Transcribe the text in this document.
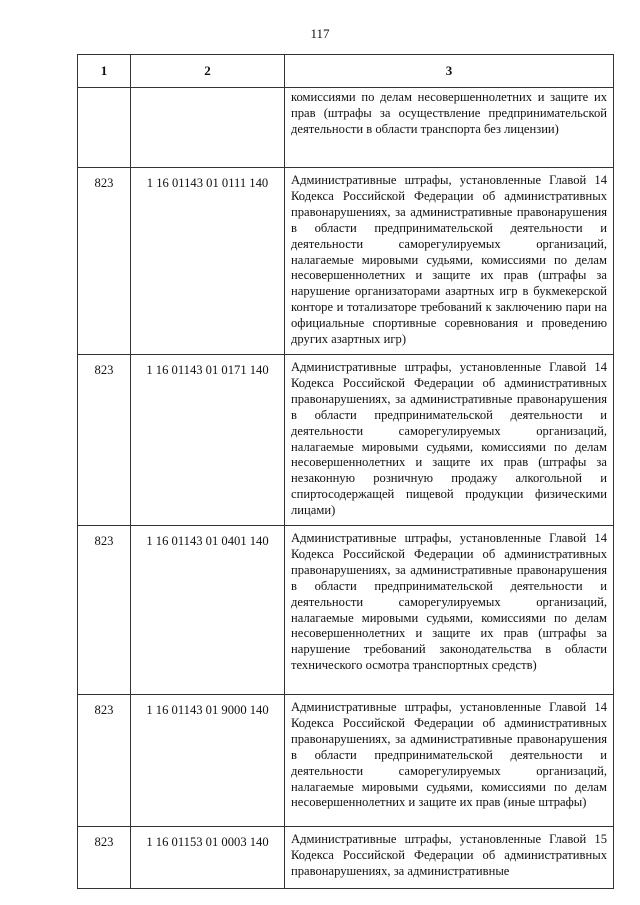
117
1	2	3
		комиссиями по делам несовершеннолетних и защите их прав (штрафы за осуществление предпринимательской деятельности в области транспорта без лицензии)
823	1 16 01143 01 0111 140	Административные штрафы, установленные Главой 14 Кодекса Российской Федерации об административных правонарушениях, за административные правонарушения в области предпринимательской деятельности и деятельности саморегулируемых организаций, налагаемые мировыми судьями, комиссиями по делам несовершеннолетних и защите их прав (штрафы за нарушение организаторами азартных игр в букмекерской конторе и тотализаторе требований к заключению пари на официальные спортивные соревнования и проведению других азартных игр)
823	1 16 01143 01 0171 140	Административные штрафы, установленные Главой 14 Кодекса Российской Федерации об административных правонарушениях, за административные правонарушения в области предпринимательской деятельности и деятельности саморегулируемых организаций, налагаемые мировыми судьями, комиссиями по делам несовершеннолетних и защите их прав (штрафы за незаконную розничную продажу алкогольной и спиртосодержащей пищевой продукции физическими лицами)
823	1 16 01143 01 0401 140	Административные штрафы, установленные Главой 14 Кодекса Российской Федерации об административных правонарушениях, за административные правонарушения в области предпринимательской деятельности и деятельности саморегулируемых организаций, налагаемые мировыми судьями, комиссиями по делам несовершеннолетних и защите их прав (штрафы за нарушение требований законодательства в области технического осмотра транспортных средств)
823	1 16 01143 01 9000 140	Административные штрафы, установленные Главой 14 Кодекса Российской Федерации об административных правонарушениях, за административные правонарушения в области предпринимательской деятельности и деятельности саморегулируемых организаций, налагаемые мировыми судьями, комиссиями по делам несовершеннолетних и защите их прав (иные штрафы)
823	1 16 01153 01 0003 140	Административные штрафы, установленные Главой 15 Кодекса Российской Федерации об административных правонарушениях, за административные
